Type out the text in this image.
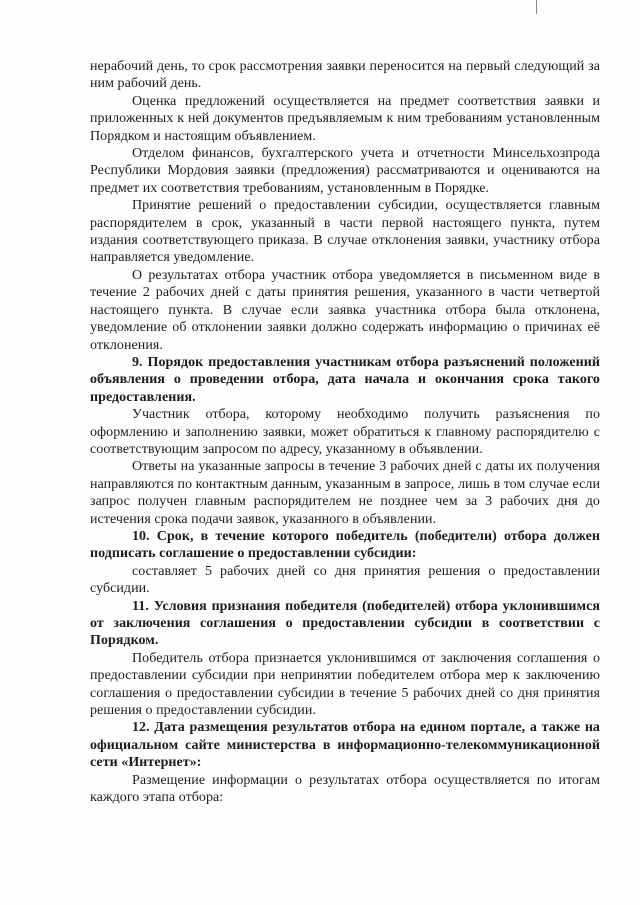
нерабочий день, то срок рассмотрения заявки переносится на первый следующий за ним рабочий день.

Оценка предложений осуществляется на предмет соответствия заявки и приложенных к ней документов предъявляемым к ним требованиям установленным Порядком и настоящим объявлением.

Отделом финансов, бухгалтерского учета и отчетности Минсельхозпрода Республики Мордовия заявки (предложения) рассматриваются и оцениваются на предмет их соответствия требованиям, установленным в Порядке.

Принятие решений о предоставлении субсидии, осуществляется главным распорядителем в срок, указанный в части первой настоящего пункта, путем издания соответствующего приказа. В случае отклонения заявки, участнику отбора направляется уведомление.

О результатах отбора участник отбора уведомляется в письменном виде в течение 2 рабочих дней с даты принятия решения, указанного в части четвертой настоящего пункта. В случае если заявка участника отбора была отклонена, уведомление об отклонении заявки должно содержать информацию о причинах её отклонения.

9. Порядок предоставления участникам отбора разъяснений положений объявления о проведении отбора, дата начала и окончания срока такого предоставления.

Участник отбора, которому необходимо получить разъяснения по оформлению и заполнению заявки, может обратиться к главному распорядителю с соответствующим запросом по адресу, указанному в объявлении.

Ответы на указанные запросы в течение 3 рабочих дней с даты их получения направляются по контактным данным, указанным в запросе, лишь в том случае если запрос получен главным распорядителем не позднее чем за 3 рабочих дня до истечения срока подачи заявок, указанного в объявлении.

10. Срок, в течение которого победитель (победители) отбора должен подписать соглашение о предоставлении субсидии:

составляет 5 рабочих дней со дня принятия решения о предоставлении субсидии.

11. Условия признания победителя (победителей) отбора уклонившимся от заключения соглашения о предоставлении субсидии в соответствии с Порядком.

Победитель отбора признается уклонившимся от заключения соглашения о предоставлении субсидии при непринятии победителем отбора мер к заключению соглашения о предоставлении субсидии в течение 5 рабочих дней со дня принятия решения о предоставлении субсидии.

12. Дата размещения результатов отбора на едином портале, а также на официальном сайте министерства в информационно-телекоммуникационной сети «Интернет»:

Размещение информации о результатах отбора осуществляется по итогам каждого этапа отбора:
